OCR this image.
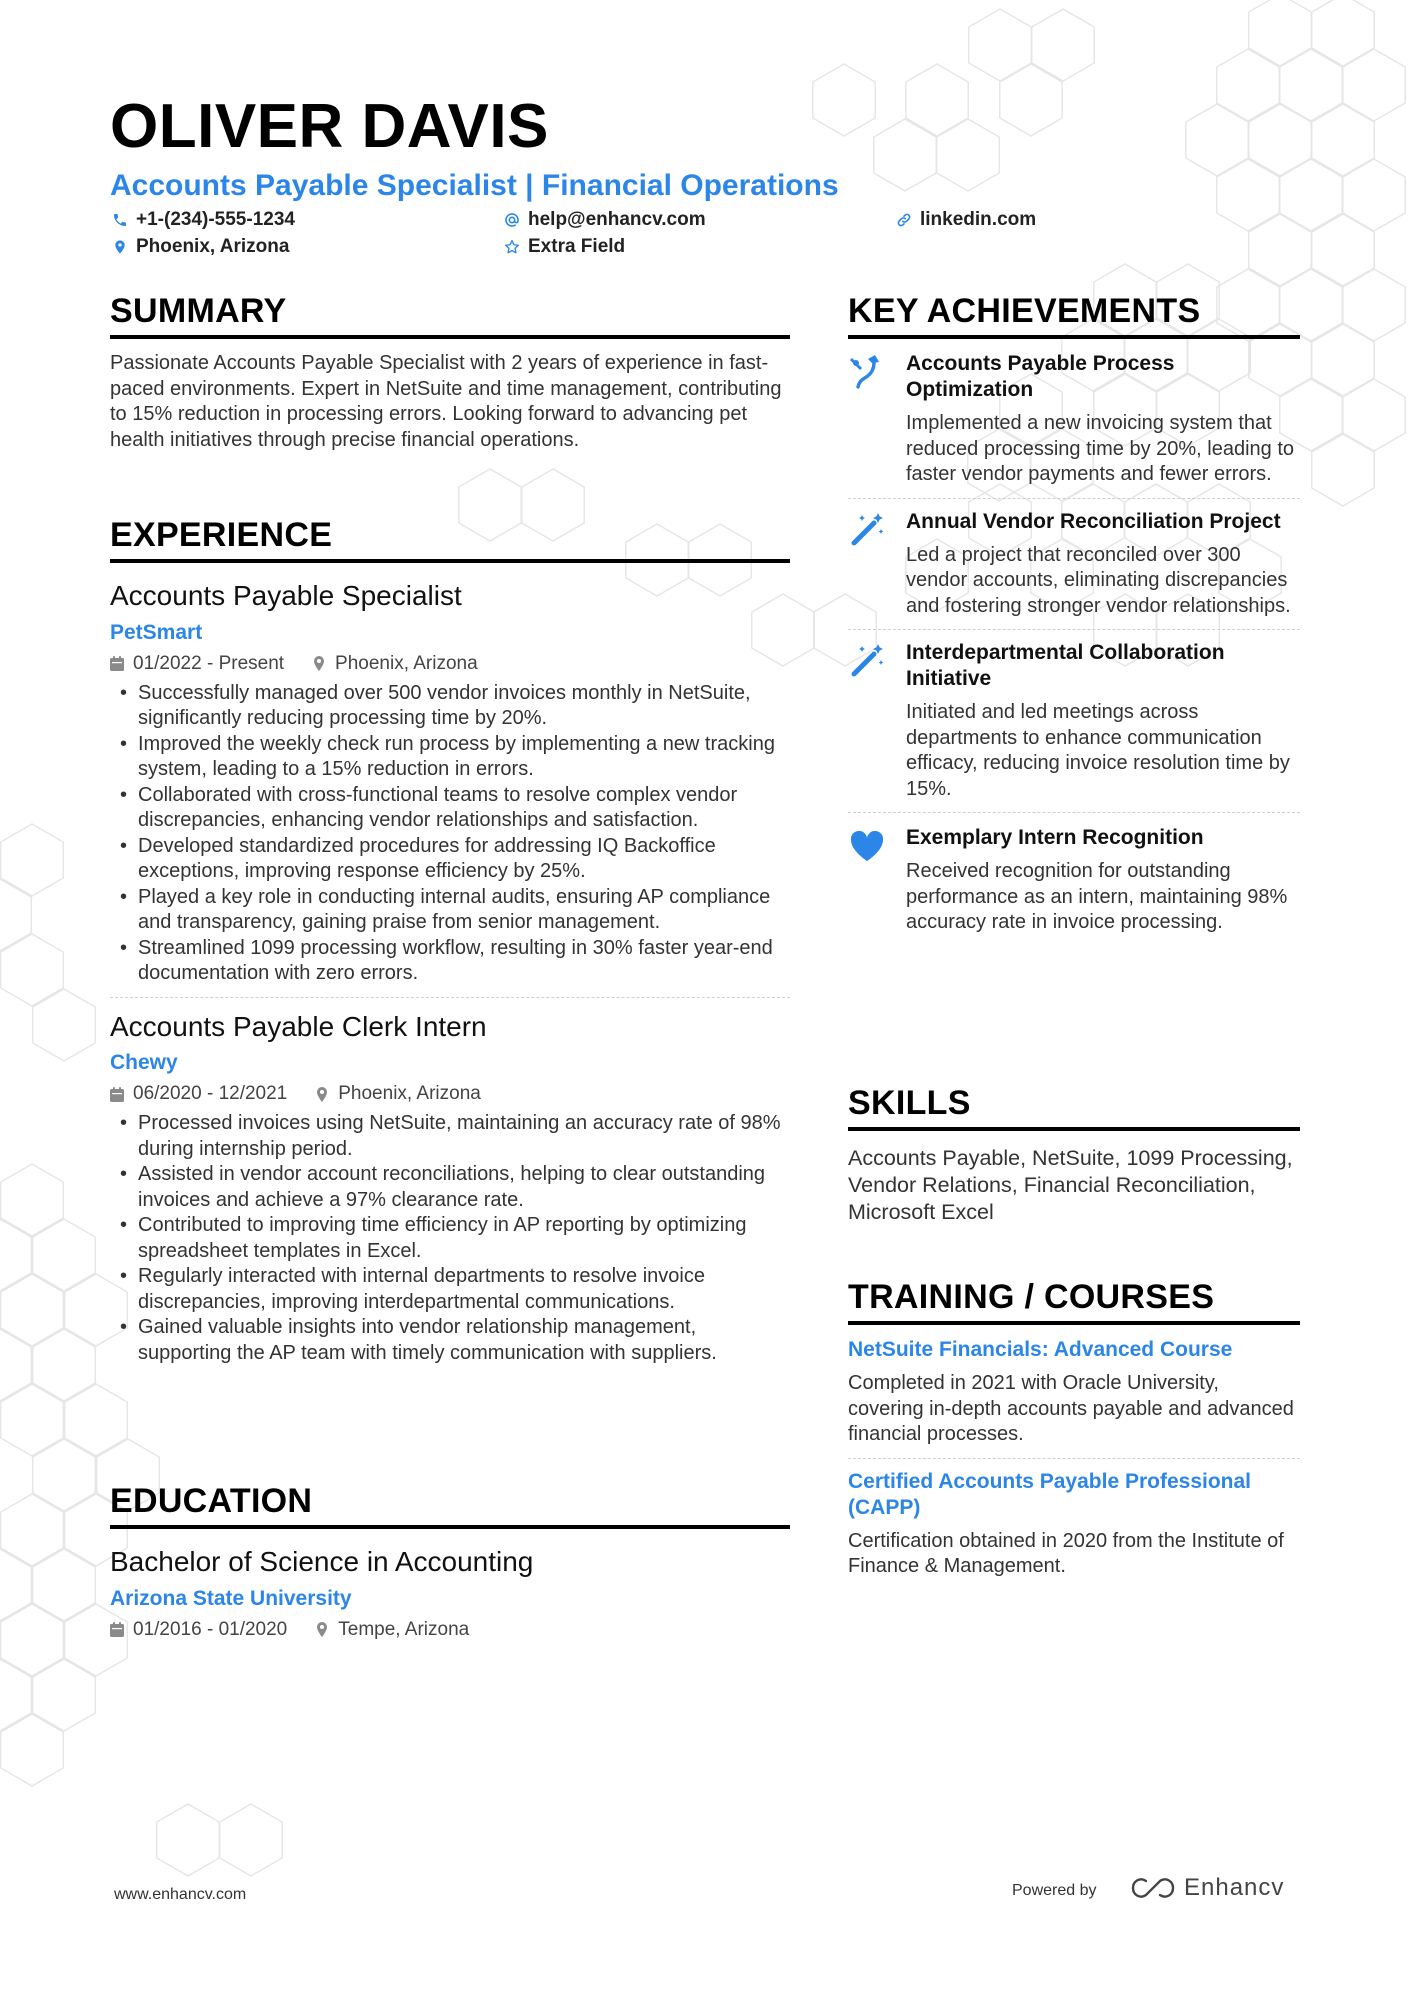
OLIVER DAVIS
Accounts Payable Specialist | Financial Operations
+1-(234)-555-1234	help@enhancv.com	linkedin.com
Phoenix, Arizona	Extra Field
SUMMARY
Passionate Accounts Payable Specialist with 2 years of experience in fast-paced environments. Expert in NetSuite and time management, contributing to 15% reduction in processing errors. Looking forward to advancing pet health initiatives through precise financial operations.
EXPERIENCE
Accounts Payable Specialist
PetSmart
01/2022 - Present	Phoenix, Arizona
• Successfully managed over 500 vendor invoices monthly in NetSuite, significantly reducing processing time by 20%.
• Improved the weekly check run process by implementing a new tracking system, leading to a 15% reduction in errors.
• Collaborated with cross-functional teams to resolve complex vendor discrepancies, enhancing vendor relationships and satisfaction.
• Developed standardized procedures for addressing IQ Backoffice exceptions, improving response efficiency by 25%.
• Played a key role in conducting internal audits, ensuring AP compliance and transparency, gaining praise from senior management.
• Streamlined 1099 processing workflow, resulting in 30% faster year-end documentation with zero errors.
Accounts Payable Clerk Intern
Chewy
06/2020 - 12/2021	Phoenix, Arizona
• Processed invoices using NetSuite, maintaining an accuracy rate of 98% during internship period.
• Assisted in vendor account reconciliations, helping to clear outstanding invoices and achieve a 97% clearance rate.
• Contributed to improving time efficiency in AP reporting by optimizing spreadsheet templates in Excel.
• Regularly interacted with internal departments to resolve invoice discrepancies, improving interdepartmental communications.
• Gained valuable insights into vendor relationship management, supporting the AP team with timely communication with suppliers.
EDUCATION
Bachelor of Science in Accounting
Arizona State University
01/2016 - 01/2020	Tempe, Arizona
KEY ACHIEVEMENTS
Accounts Payable Process Optimization
Implemented a new invoicing system that reduced processing time by 20%, leading to faster vendor payments and fewer errors.
Annual Vendor Reconciliation Project
Led a project that reconciled over 300 vendor accounts, eliminating discrepancies and fostering stronger vendor relationships.
Interdepartmental Collaboration Initiative
Initiated and led meetings across departments to enhance communication efficacy, reducing invoice resolution time by 15%.
Exemplary Intern Recognition
Received recognition for outstanding performance as an intern, maintaining 98% accuracy rate in invoice processing.
SKILLS
Accounts Payable, NetSuite, 1099 Processing, Vendor Relations, Financial Reconciliation, Microsoft Excel
TRAINING / COURSES
NetSuite Financials: Advanced Course
Completed in 2021 with Oracle University, covering in-depth accounts payable and advanced financial processes.
Certified Accounts Payable Professional (CAPP)
Certification obtained in 2020 from the Institute of Finance & Management.
www.enhancv.com	Powered by	Enhancv
